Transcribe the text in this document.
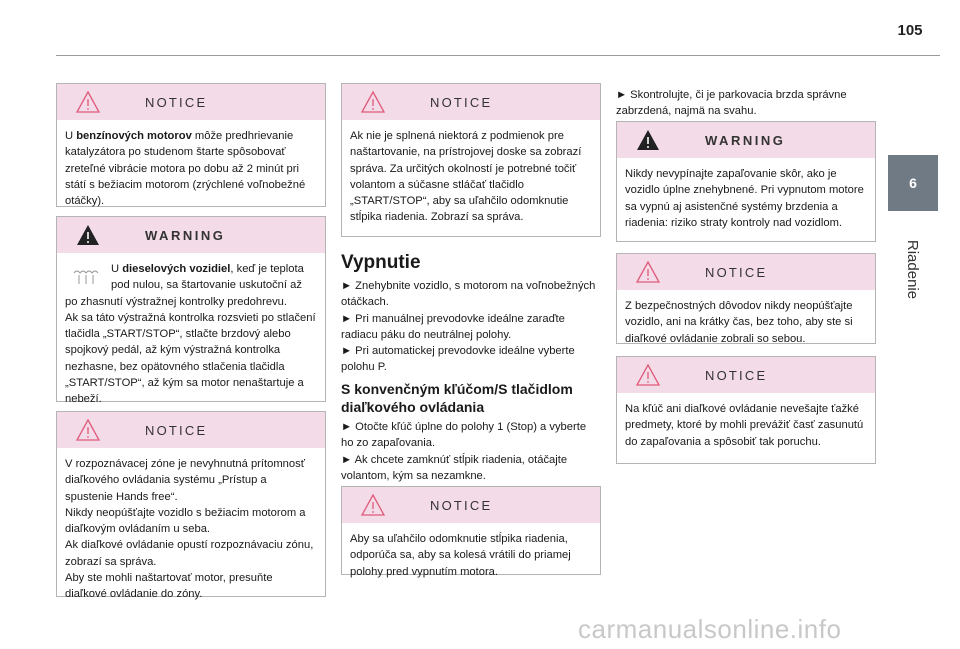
105
6
Riadenie
NOTICE
U benzínových motorov môže predhrievanie katalyzátora po studenom štarte spôsobovať zreteľné vibrácie motora po dobu až 2 minút pri státí s bežiacim motorom (zrýchlené voľnobežné otáčky).
WARNING
U dieselových vozidiel, keď je teplota pod nulou, sa štartovanie uskutoční až po zhasnutí výstražnej kontrolky predohrevu.
Ak sa táto výstražná kontrolka rozsvieti po stlačení tlačidla „START/STOP“, stlačte brzdový alebo spojkový pedál, až kým výstražná kontrolka nezhasne, bez opätovného stlačenia tlačidla „START/STOP“, až kým sa motor nenaštartuje a nebeží.
NOTICE
V rozpoznávacej zóne je nevyhnutná prítomnosť diaľkového ovládania systému „Prístup a spustenie Hands free“.
Nikdy neopúšťajte vozidlo s bežiacim motorom a diaľkovým ovládaním u seba.
Ak diaľkové ovládanie opustí rozpoznávaciu zónu, zobrazí sa správa.
Aby ste mohli naštartovať motor, presuňte diaľkové ovládanie do zóny.
NOTICE
Ak nie je splnená niektorá z podmienok pre naštartovanie, na prístrojovej doske sa zobrazí správa. Za určitých okolností je potrebné točiť volantom a súčasne stláčať tlačidlo „START/STOP“, aby sa uľahčilo odomknutie stĺpika riadenia. Zobrazí sa správa.
Vypnutie
► Znehybnite vozidlo, s motorom na voľnobežných otáčkach.
► Pri manuálnej prevodovke ideálne zaraďte radiacu páku do neutrálnej polohy.
► Pri automatickej prevodovke ideálne vyberte polohu P.
S konvenčným kľúčom/S tlačidlom diaľkového ovládania
► Otočte kľúč úplne do polohy 1 (Stop) a vyberte ho zo zapaľovania.
► Ak chcete zamknúť stĺpik riadenia, otáčajte volantom, kým sa nezamkne.
NOTICE
Aby sa uľahčilo odomknutie stĺpika riadenia, odporúča sa, aby sa kolesá vrátili do priamej polohy pred vypnutím motora.
► Skontrolujte, či je parkovacia brzda správne zabrzdená, najmä na svahu.
WARNING
Nikdy nevypínajte zapaľovanie skôr, ako je vozidlo úplne znehybnené. Pri vypnutom motore sa vypnú aj asistenčné systémy brzdenia a riadenia: riziko straty kontroly nad vozidlom.
NOTICE
Z bezpečnostných dôvodov nikdy neopúšťajte vozidlo, ani na krátky čas, bez toho, aby ste si diaľkové ovládanie zobrali so sebou.
NOTICE
Na kľúč ani diaľkové ovládanie nevešajte ťažké predmety, ktoré by mohli prevážiť časť zasunutú do zapaľovania a spôsobiť tak poruchu.
carmanualsonline.info
